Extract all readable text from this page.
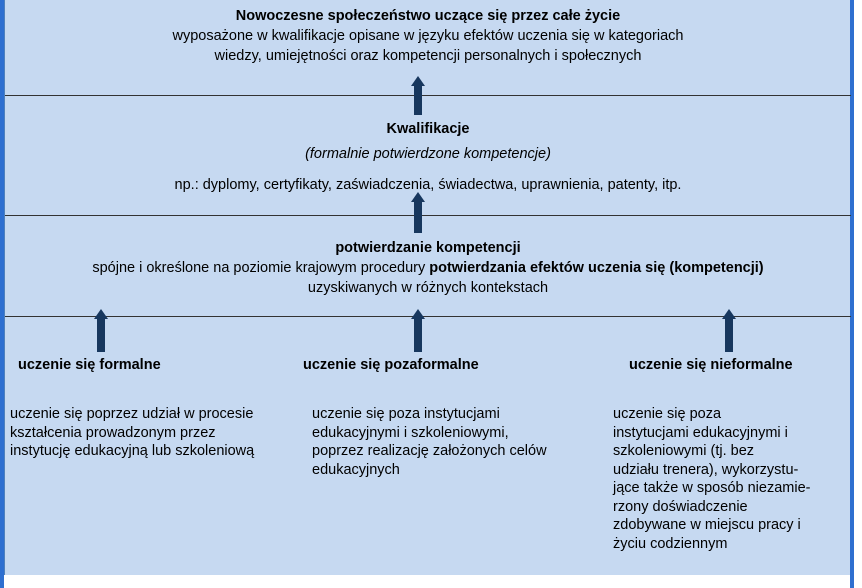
Nowoczesne społeczeństwo uczące się przez całe życie
wyposażone w kwalifikacje opisane w języku efektów uczenia się w kategoriach
wiedzy, umiejętności oraz kompetencji personalnych i społecznych
Kwalifikacje
(formalnie potwierdzone kompetencje)
np.: dyplomy, certyfikaty, zaświadczenia, świadectwa, uprawnienia, patenty, itp.
potwierdzanie kompetencji
spójne i określone na poziomie krajowym procedury potwierdzania efektów uczenia się (kompetencji)
uzyskiwanych w różnych kontekstach
uczenie się formalne	uczenie się pozaformalne	uczenie się nieformalne
uczenie się poprzez udział w procesie
kształcenia prowadzonym przez
instytucję edukacyjną lub szkoleniową
uczenie się poza instytucjami
edukacyjnymi i szkoleniowymi,
poprzez realizację założonych celów
edukacyjnych
uczenie się poza
instytucjami edukacyjnymi i
szkoleniowymi (tj. bez
udziału trenera), wykorzystu-
jące także w sposób niezamie-
rzony doświadczenie
zdobywane w miejscu pracy i
życiu codziennym
